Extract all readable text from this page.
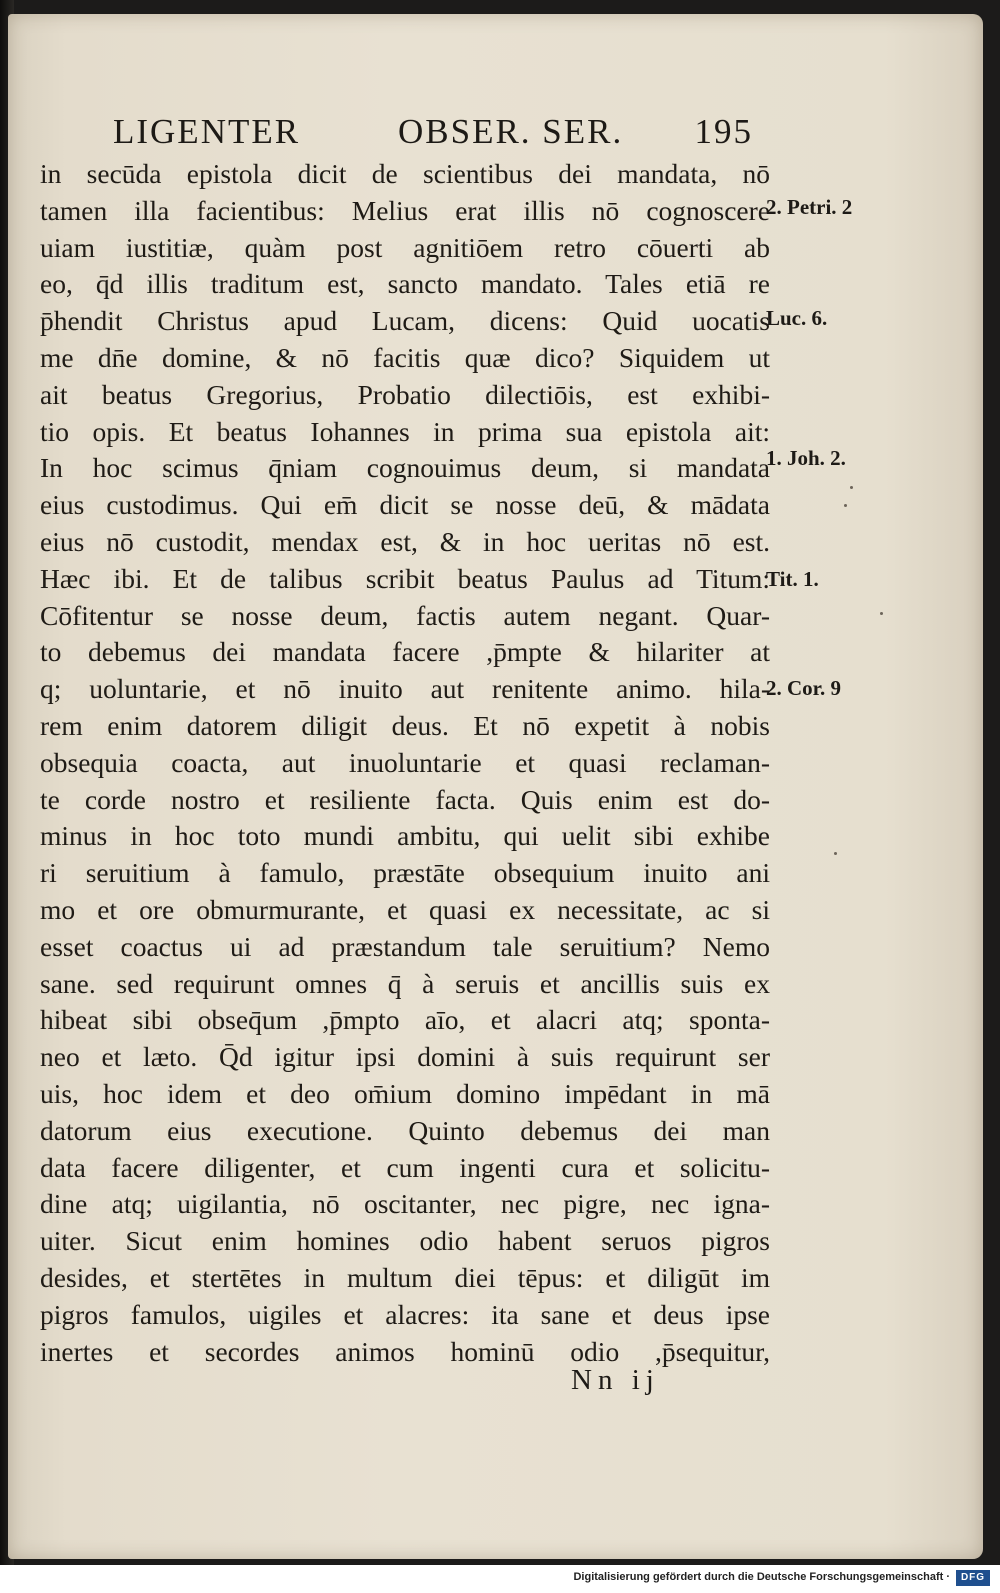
LIGENTER	OBSER. SER. 195
in secūda epistola dicit de scientibus dei mandata, nō
tamen illa facientibus: Melius erat illis nō cognoscere
uiam iustitiæ, quàm post agnitiōem retro cōuerti ab
eo, q̄d illis traditum est, sancto mandato. Tales etiā re
p̄hendit Christus apud Lucam, dicens: Quid uocatis
me dn̄e domine, & nō facitis quæ dico? Siquidem ut
ait beatus Gregorius, Probatio dilectiōis, est exhibi-
tio opis. Et beatus Iohannes in prima sua epistola ait:
In hoc scimus q̄niam cognouimus deum, si mandata
eius custodimus. Qui em̄ dicit se nosse deū, & mādata
eius nō custodit, mendax est, & in hoc ueritas nō est.
Hæc ibi. Et de talibus scribit beatus Paulus ad Titum:
Cōfitentur se nosse deum, factis autem negant. Quar-
to debemus dei mandata facere ,p̄mpte & hilariter at
q; uoluntarie, et nō inuito aut renitente animo. hila-
rem enim datorem diligit deus. Et nō expetit à nobis
obsequia coacta, aut inuoluntarie et quasi reclaman-
te corde nostro et resiliente facta. Quis enim est do-
minus in hoc toto mundi ambitu, qui uelit sibi exhibe
ri seruitium à famulo, præstāte obsequium inuito ani
mo et ore obmurmurante, et quasi ex necessitate, ac si
esset coactus ui ad præstandum tale seruitium? Nemo
sane. sed requirunt omnes q̄ à seruis et ancillis suis ex
hibeat sibi obseq̄um ,p̄mpto aīo, et alacri atq; sponta-
neo et læto. Q̄d igitur ipsi domini à suis requirunt ser
uis, hoc idem et deo om̄ium domino impēdant in mā
datorum eius executione. Quinto debemus dei man
data facere diligenter, et cum ingenti cura et solicitu-
dine atq; uigilantia, nō oscitanter, nec pigre, nec igna-
uiter. Sicut enim homines odio habent seruos pigros
desides, et stertētes in multum diei tēpus: et diligūt im
pigros famulos, uigiles et alacres: ita sane et deus ipse
inertes et secordes animos hominū odio ,p̄sequitur,
2. Petri. 2
Luc. 6.
1. Joh. 2.
Tit. 1.
2. Cor. 9
Nn ij
Digitalisierung gefördert durch die Deutsche Forschungsgemeinschaft ·	DFG
